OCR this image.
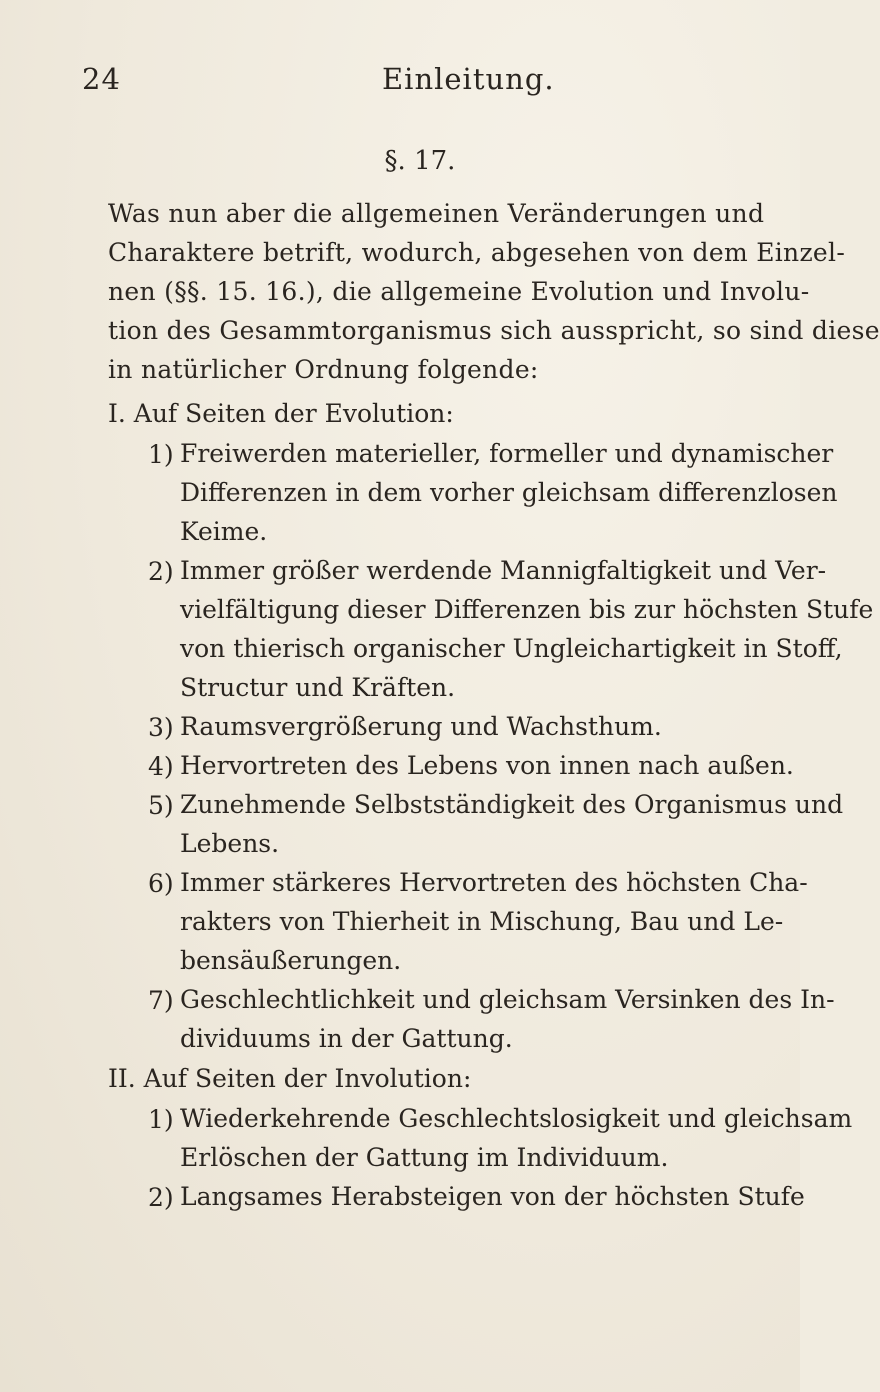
24	Einleitung.
§. 17.
Was nun aber die allgemeinen Veränderungen und
Charaktere betrift, wodurch, abgesehen von dem Einzel-
nen (§§. 15. 16.), die allgemeine Evolution und Involu-
tion des Gesammtorganismus sich ausspricht, so sind diese
in natürlicher Ordnung folgende:
I. Auf Seiten der Evolution:
1) Freiwerden materieller, formeller und dynamischer
Differenzen in dem vorher gleichsam differenzlosen
Keime.
2) Immer größer werdende Mannigfaltigkeit und Ver-
vielfältigung dieser Differenzen bis zur höchsten Stufe
von thierisch organischer Ungleichartigkeit in Stoff,
Structur und Kräften.
3) Raumsvergrößerung und Wachsthum.
4) Hervortreten des Lebens von innen nach außen.
5) Zunehmende Selbstständigkeit des Organismus und
Lebens.
6) Immer stärkeres Hervortreten des höchsten Cha-
rakters von Thierheit in Mischung, Bau und Le-
bensäußerungen.
7) Geschlechtlichkeit und gleichsam Versinken des In-
dividuums in der Gattung.
II. Auf Seiten der Involution:
1) Wiederkehrende Geschlechtslosigkeit und gleichsam
Erlöschen der Gattung im Individuum.
2) Langsames Herabsteigen von der höchsten Stufe
